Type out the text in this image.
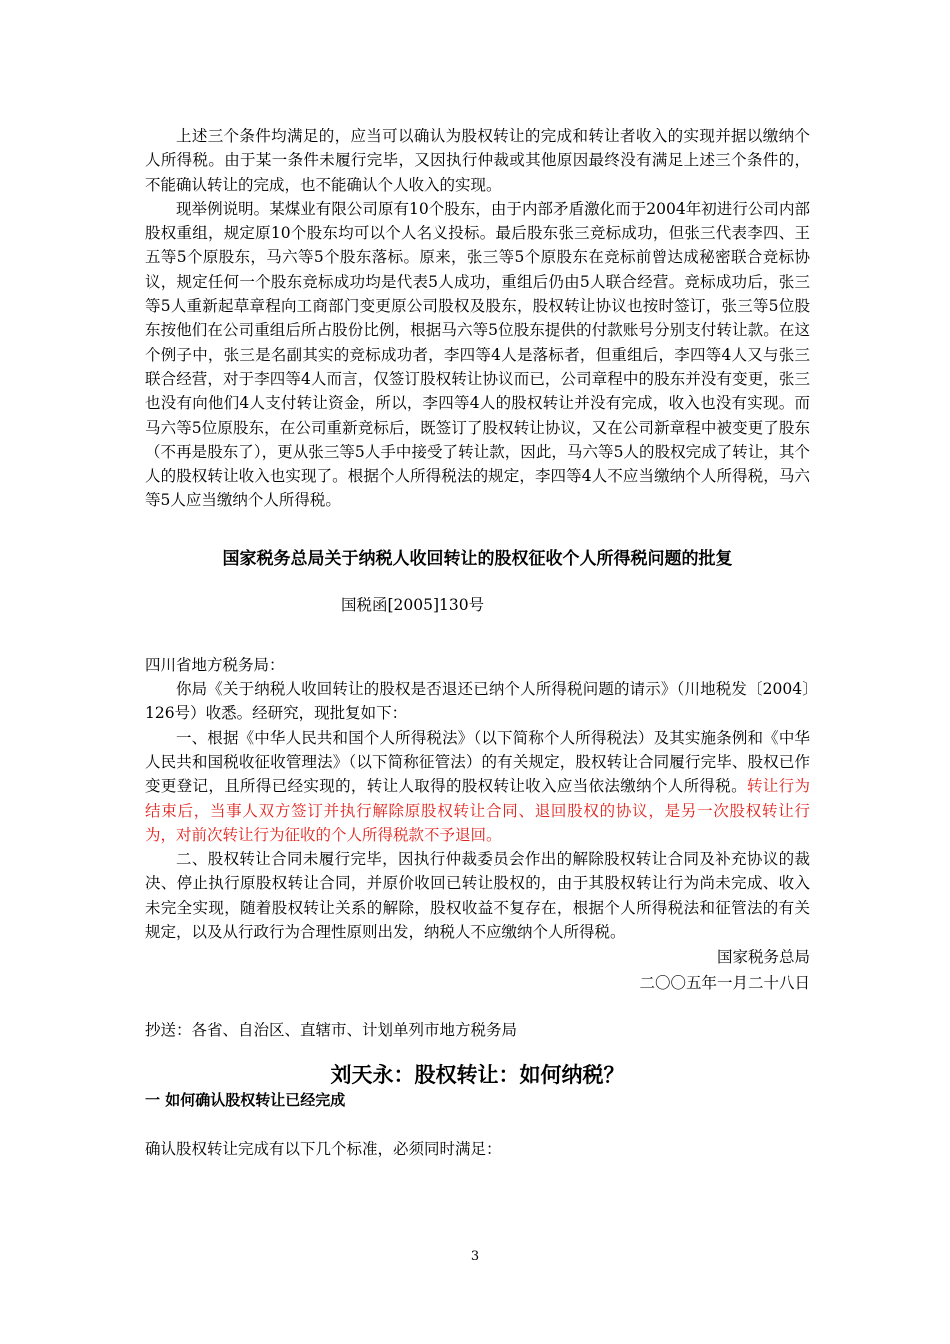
上述三个条件均满足的，应当可以确认为股权转让的完成和转让者收入的实现并据以缴纳个人所得税。由于某一条件未履行完毕，又因执行仲裁或其他原因最终没有满足上述三个条件的，不能确认转让的完成，也不能确认个人收入的实现。

现举例说明。某煤业有限公司原有10个股东，由于内部矛盾激化而于2004年初进行公司内部股权重组，规定原10个股东均可以个人名义投标。最后股东张三竞标成功，但张三代表李四、王五等5个原股东，马六等5个股东落标。原来，张三等5个原股东在竞标前曾达成秘密联合竞标协议，规定任何一个股东竞标成功均是代表5人成功，重组后仍由5人联合经营。竞标成功后，张三等5人重新起草章程向工商部门变更原公司股权及股东，股权转让协议也按时签订，张三等5位股东按他们在公司重组后所占股份比例，根据马六等5位股东提供的付款账号分别支付转让款。在这个例子中，张三是名副其实的竞标成功者，李四等4人是落标者，但重组后，李四等4人又与张三联合经营，对于李四等4人而言，仅签订股权转让协议而已，公司章程中的股东并没有变更，张三也没有向他们4人支付转让资金，所以，李四等4人的股权转让并没有完成，收入也没有实现。而马六等5位原股东，在公司重新竞标后，既签订了股权转让协议，又在公司新章程中被变更了股东（不再是股东了），更从张三等5人手中接受了转让款，因此，马六等5人的股权完成了转让，其个人的股权转让收入也实现了。根据个人所得税法的规定，李四等4人不应当缴纳个人所得税，马六等5人应当缴纳个人所得税。

国家税务总局关于纳税人收回转让的股权征收个人所得税问题的批复

国税函[2005]130号

四川省地方税务局：

你局《关于纳税人收回转让的股权是否退还已纳个人所得税问题的请示》（川地税发〔2004〕126号）收悉。经研究，现批复如下：

一、根据《中华人民共和国个人所得税法》（以下简称个人所得税法）及其实施条例和《中华人民共和国税收征收管理法》（以下简称征管法）的有关规定，股权转让合同履行完毕、股权已作变更登记，且所得已经实现的，转让人取得的股权转让收入应当依法缴纳个人所得税。转让行为结束后，当事人双方签订并执行解除原股权转让合同、退回股权的协议，是另一次股权转让行为，对前次转让行为征收的个人所得税款不予退回。

二、股权转让合同未履行完毕，因执行仲裁委员会作出的解除股权转让合同及补充协议的裁决、停止执行原股权转让合同，并原价收回已转让股权的，由于其股权转让行为尚未完成、收入未完全实现，随着股权转让关系的解除，股权收益不复存在，根据个人所得税法和征管法的有关规定，以及从行政行为合理性原则出发，纳税人不应缴纳个人所得税。

国家税务总局

二〇〇五年一月二十八日

抄送：各省、自治区、直辖市、计划单列市地方税务局

刘天永：股权转让：如何纳税？
一 如何确认股权转让已经完成

确认股权转让完成有以下几个标准，必须同时满足：

3
